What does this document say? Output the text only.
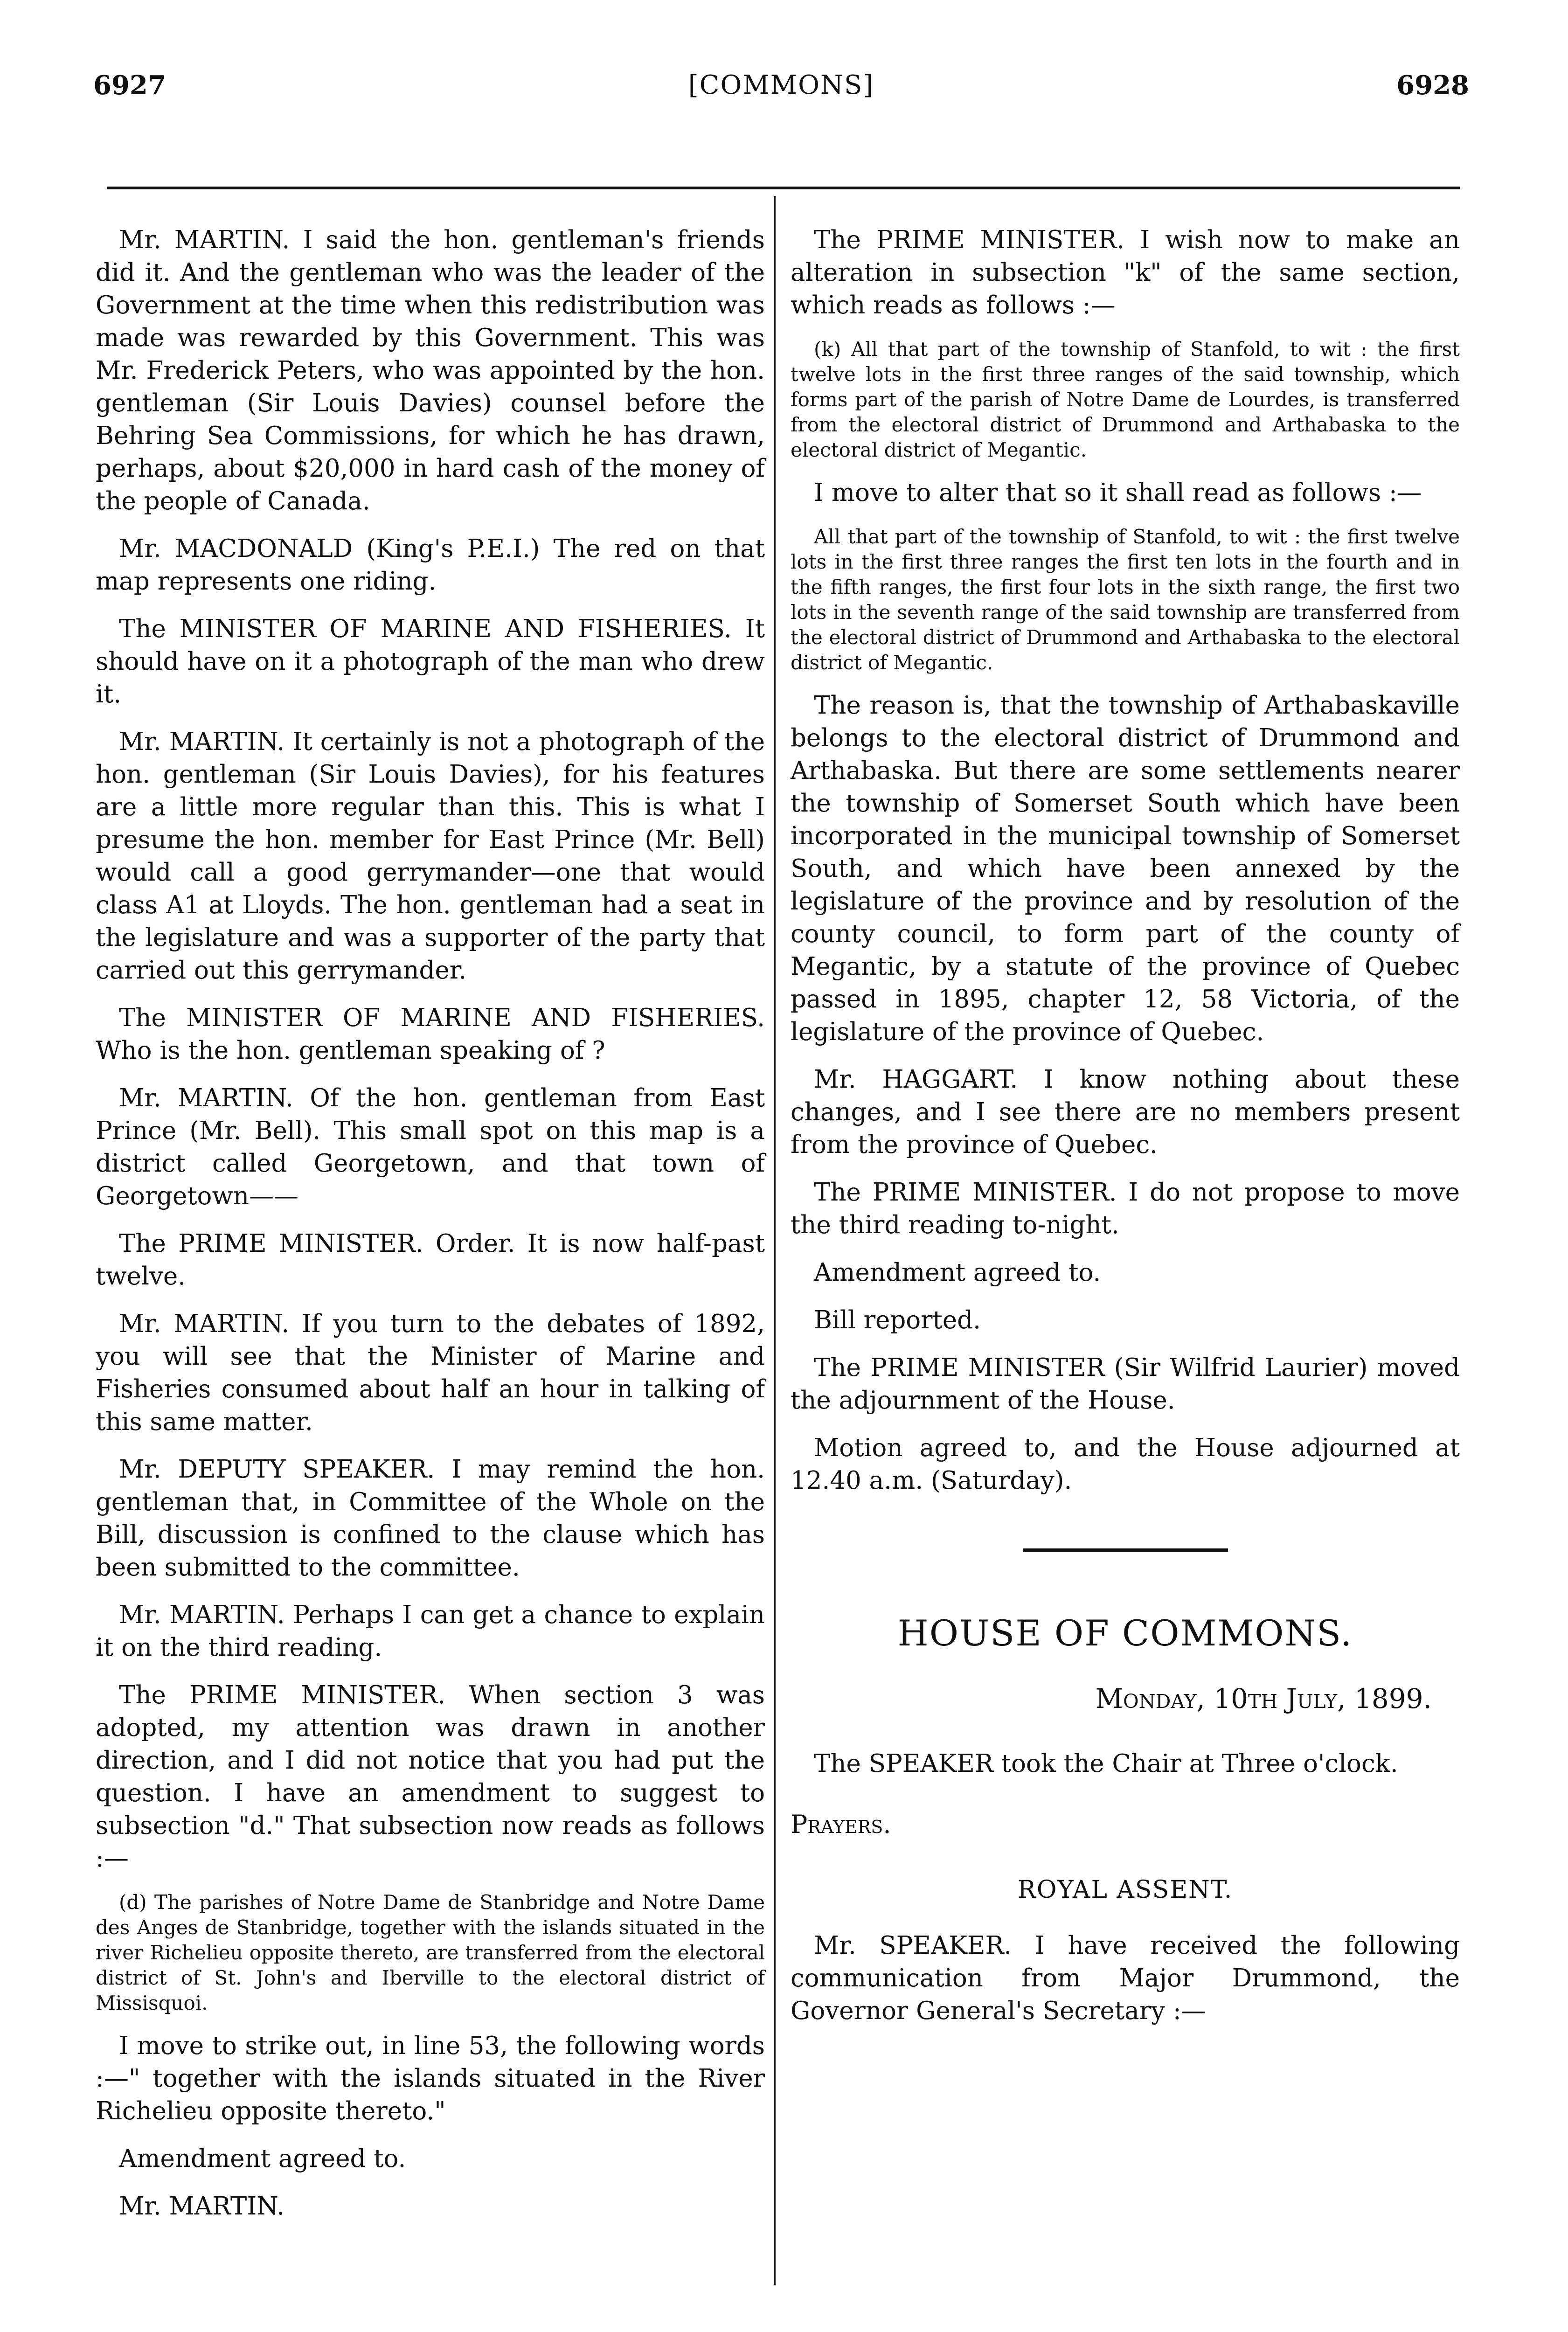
6927	[COMMONS]	6928

Mr. MARTIN. I said the hon. gentleman's friends did it. And the gentleman who was the leader of the Government at the time when this redistribution was made was rewarded by this Government. This was Mr. Frederick Peters, who was appointed by the hon. gentleman (Sir Louis Davies) counsel before the Behring Sea Commissions, for which he has drawn, perhaps, about $20,000 in hard cash of the money of the people of Canada.

Mr. MACDONALD (King's P.E.I.) The red on that map represents one riding.

The MINISTER OF MARINE AND FISHERIES. It should have on it a photograph of the man who drew it.

Mr. MARTIN. It certainly is not a photograph of the hon. gentleman (Sir Louis Davies), for his features are a little more regular than this. This is what I presume the hon. member for East Prince (Mr. Bell) would call a good gerrymander—one that would class A1 at Lloyds. The hon. gentleman had a seat in the legislature and was a supporter of the party that carried out this gerrymander.

The MINISTER OF MARINE AND FISHERIES. Who is the hon. gentleman speaking of ?

Mr. MARTIN. Of the hon. gentleman from East Prince (Mr. Bell). This small spot on this map is a district called Georgetown, and that town of Georgetown——

The PRIME MINISTER. Order. It is now half-past twelve.

Mr. MARTIN. If you turn to the debates of 1892, you will see that the Minister of Marine and Fisheries consumed about half an hour in talking of this same matter.

Mr. DEPUTY SPEAKER. I may remind the hon. gentleman that, in Committee of the Whole on the Bill, discussion is confined to the clause which has been submitted to the committee.

Mr. MARTIN. Perhaps I can get a chance to explain it on the third reading.

The PRIME MINISTER. When section 3 was adopted, my attention was drawn in another direction, and I did not notice that you had put the question. I have an amendment to suggest to subsection "d." That subsection now reads as follows :—

(d) The parishes of Notre Dame de Stanbridge and Notre Dame des Anges de Stanbridge, together with the islands situated in the river Richelieu opposite thereto, are transferred from the electoral district of St. John's and Iberville to the electoral district of Missisquoi.

I move to strike out, in line 53, the following words :—" together with the islands situated in the River Richelieu opposite thereto."

Amendment agreed to.

Mr. MARTIN.

The PRIME MINISTER. I wish now to make an alteration in subsection "k" of the same section, which reads as follows :—

(k) All that part of the township of Stanfold, to wit : the first twelve lots in the first three ranges of the said township, which forms part of the parish of Notre Dame de Lourdes, is transferred from the electoral district of Drummond and Arthabaska to the electoral district of Megantic.

I move to alter that so it shall read as follows :—

All that part of the township of Stanfold, to wit : the first twelve lots in the first three ranges the first ten lots in the fourth and in the fifth ranges, the first four lots in the sixth range, the first two lots in the seventh range of the said township are transferred from the electoral district of Drummond and Arthabaska to the electoral district of Megantic.

The reason is, that the township of Arthabaskaville belongs to the electoral district of Drummond and Arthabaska. But there are some settlements nearer the township of Somerset South which have been incorporated in the municipal township of Somerset South, and which have been annexed by the legislature of the province and by resolution of the county council, to form part of the county of Megantic, by a statute of the province of Quebec passed in 1895, chapter 12, 58 Victoria, of the legislature of the province of Quebec.

Mr. HAGGART. I know nothing about these changes, and I see there are no members present from the province of Quebec.

The PRIME MINISTER. I do not propose to move the third reading to-night.

Amendment agreed to.

Bill reported.

The PRIME MINISTER (Sir Wilfrid Laurier) moved the adjournment of the House.

Motion agreed to, and the House adjourned at 12.40 a.m. (Saturday).

HOUSE OF COMMONS.

Monday, 10th July, 1899.

The SPEAKER took the Chair at Three o'clock.

Prayers.

ROYAL ASSENT.

Mr. SPEAKER. I have received the following communication from Major Drummond, the Governor General's Secretary :—
